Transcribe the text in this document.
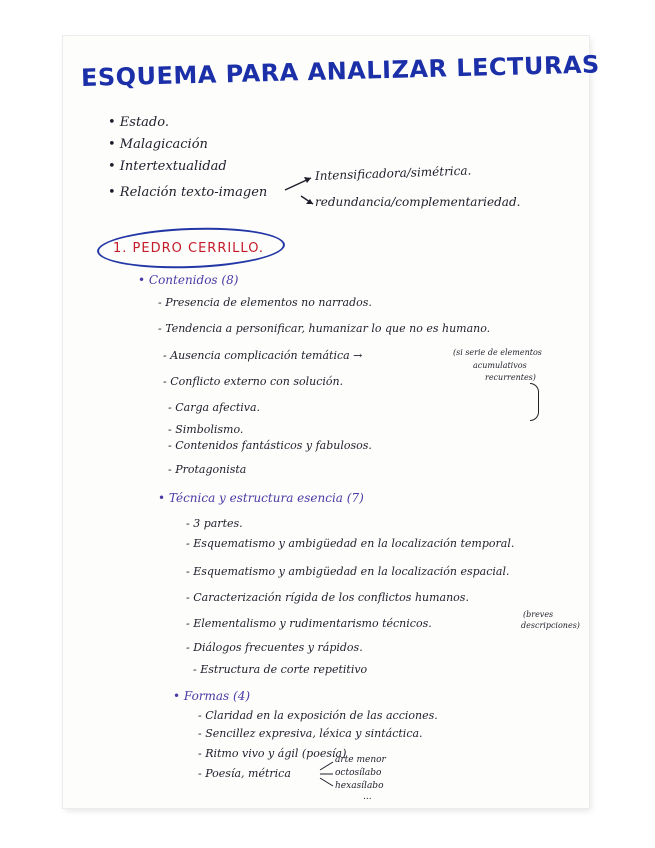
ESQUEMA PARA ANALIZAR LECTURAS
• Estado.
• Malagicación
• Intertextualidad
• Relación texto-imagen
Intensificadora/simétrica.
redundancia/complementariedad.
1. PEDRO CERRILLO.
• Contenidos (8)
- Presencia de elementos no narrados.
- Tendencia a personificar, humanizar lo que no es humano.
- Ausencia complicación temática →	(si serie de elementos
acumulativos
recurrentes)
- Conflicto externo con solución.
- Carga afectiva.
- Simbolismo.
- Contenidos fantásticos y fabulosos.
- Protagonista
• Técnica y estructura esencia (7)
- 3 partes.
- Esquematismo y ambigüedad en la localización temporal.
- Esquematismo y ambigüedad en la localización espacial.
- Caracterización rígida de los conflictos humanos.
- Elementalismo y rudimentarismo técnicos.
(breves
descripciones)
- Diálogos frecuentes y rápidos.
- Estructura de corte repetitivo
• Formas (4)
- Claridad en la exposición de las acciones.
- Sencillez expresiva, léxica y sintáctica.
- Ritmo vivo y ágil (poesía)
- Poesía, métrica
arte menor
octosílabo
hexasílabo
...
